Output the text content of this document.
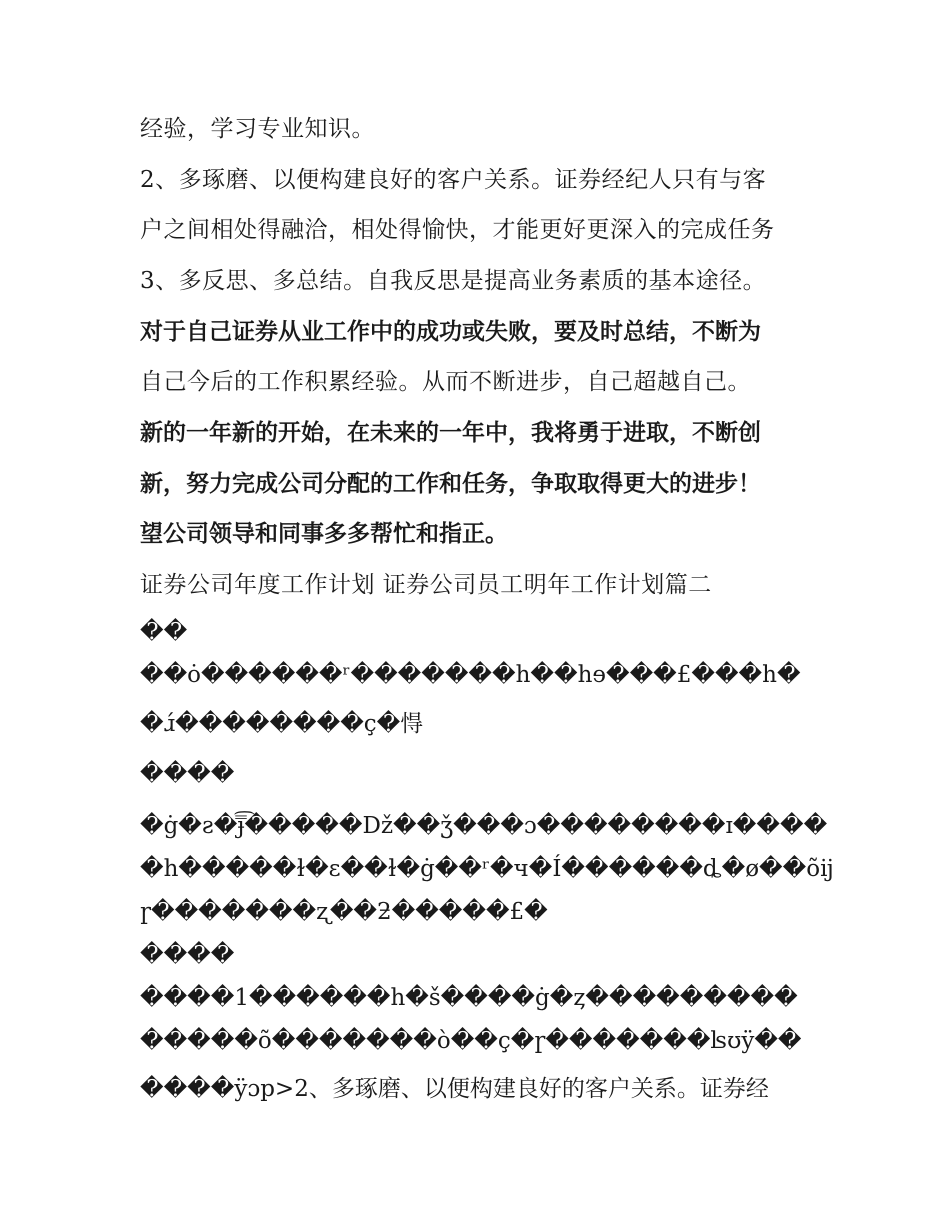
经验，学习专业知识。
2、多琢磨、以便构建良好的客户关系。证券经纪人只有与客
户之间相处得融洽，相处得愉快，才能更好更深入的完成任务
3、多反思、多总结。自我反思是提高业务素质的基本途径。
对于自己证券从业工作中的成功或失败，要及时总结，不断为
自己今后的工作积累经验。从而不断进步，自己超越自己。
新的一年新的开始，在未来的一年中，我将勇于进取，不断创
新，努力完成公司分配的工作和任务，争取取得更大的进步！
望公司领导和同事多多帮忙和指正。
证券公司年度工作计划 证券公司员工明年工作计划篇二
��
��ȯ������ʳ�������h��hɘ���£���h�
�ɹ́��������ç�㥂
����
�ġ�ƨ�ɟ̿͡�����ǅ��ǯ���ɔ��������ɪ����
�h�����ɫ�ɛ��ɫ�ġ��ʳ�ч�Í������ȡ�ø��õĳ
ɼ�������ʐ��ƻ�����£�
����
����1������h�š����ġ�ȥ���������
�����õ�������ò��ç�ɼ�������ʪʊÿ��
����ÿɔp>2、多琢磨、以便构建良好的客户关系。证券经
